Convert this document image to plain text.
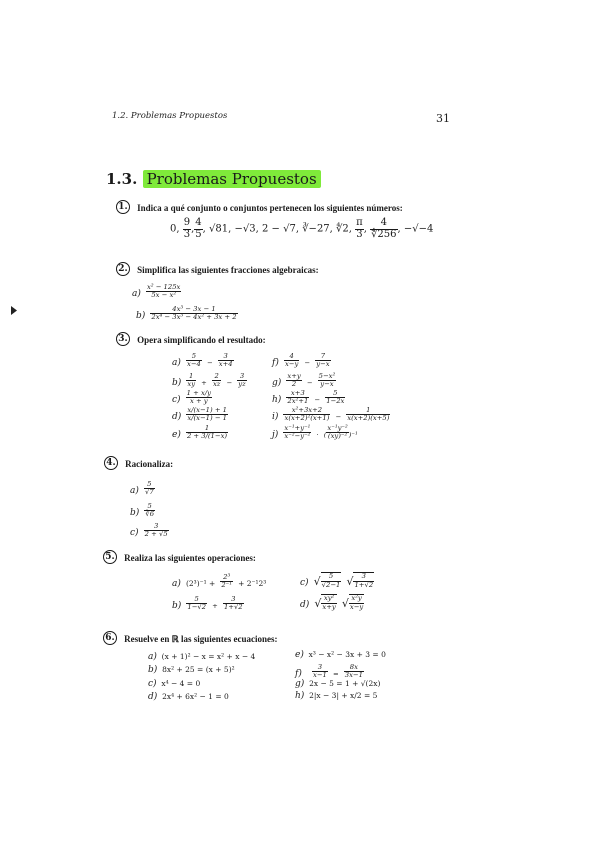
1.2. Problemas Propuestos	31
1.3. Problemas Propuestos
1. Indica a qué conjunto o conjuntos pertenecen los siguientes números:
0, $\frac{9}{3}$ , $\frac{4}{5}$ , √81, −√3, 2 − √7, ∛−27, ∜2, $\frac{\pi}{3}$ , $\frac{4}{∜256}$ , −√−4
2. Simplifica las siguientes fracciones algebraicas:
$a) \frac{\text{x² − 125x}}{\text{5x − x²}}$
$b) \frac{\text{4x³ − 3x − 1}}{\text{2x⁴ − 3x³ − 4x² + 3x + 2}}$
3. Opera simplificando el resultado:
$a) \frac{5}{x-4} - \frac{3}{x+4}$
$b) \frac{1}{xy} + \frac{2}{xz} - \frac{3}{yz}$
$c) \frac{1 + x/y}{x + y}$
$d) \frac{x/(x-1) + 1}{x/(x-1) - 1}$
$e) \frac{1}{2 + 3/(1-x)}$
$f) \frac{4}{x-y} - \frac{7}{y-x}$
$g) \frac{x+y}{2} - \frac{\text{5−x²}}{y-x}$
$h) \frac{x+3}{\text{2x²+1}} - \frac{5}{1-2x}$
$i) \frac{\text{x²+3x+2}}{\text{x(x+2)²(x+1)}} - \frac{1}{x(x+2)(x+5)}$
$j) \frac{\text{x⁻¹+y⁻¹}}{\text{x⁻²−y⁻²}}$ · ( $\frac{\text{x⁻¹y⁻²}}{\text{(xy)⁻²}} )^{-1}$
4. Racionaliza:
$a) \frac{5}{√7}$
$b) \frac{5}{∛6}$
$c) \frac{3}{2 + √5}$
5. Realiza las siguientes operaciones:
a) $(2^3)^{-1} + \frac{\text{2³}}{\text{2⁻¹}} + 2^{-1}2^3$
$b) \frac{5}{1-√2} + \frac{3}{1+√2}$
c) √ $\frac{5}{√2-1}$ √ $\frac{3}{1+√2}$
d) √ $\frac{\text{xy²}}{x+y}$ √ $\frac{\text{x²y}}{x-y}$
6. Resuelve en ℝ las siguientes ecuaciones:
a) (x + 1)² − x = x² + x − 4
b) 8x² + 25 = (x + 5)²
c) x⁴ − 4 = 0
d) 2x⁴ + 6x² − 1 = 0
e) x³ − x² − 3x + 3 = 0
$f) \frac{3}{x-1} = \frac{8x}{3x-1}$
g) 2x − 5 = 1 + √(2x)
h) 2|x − 3| + x/2 = 5
